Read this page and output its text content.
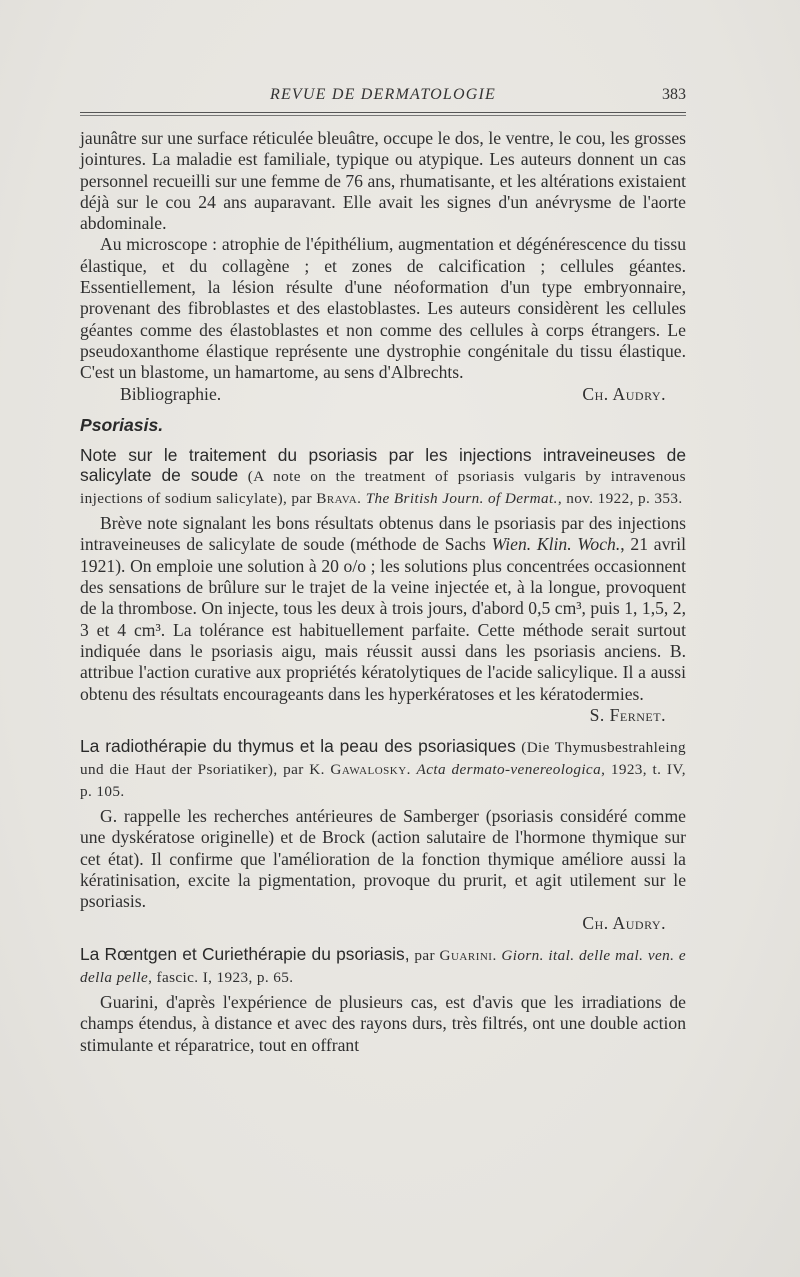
REVUE DE DERMATOLOGIE	383

jaunâtre sur une surface réticulée bleuâtre, occupe le dos, le ventre, le cou, les grosses jointures. La maladie est familiale, typique ou atypique. Les auteurs donnent un cas personnel recueilli sur une femme de 76 ans, rhumatisante, et les altérations existaient déjà sur le cou 24 ans auparavant. Elle avait les signes d'un anévrysme de l'aorte abdominale.

Au microscope : atrophie de l'épithélium, augmentation et dégénérescence du tissu élastique, et du collagène ; et zones de calcification ; cellules géantes. Essentiellement, la lésion résulte d'une néoformation d'un type embryonnaire, provenant des fibroblastes et des elastoblastes. Les auteurs considèrent les cellules géantes comme des élastoblastes et non comme des cellules à corps étrangers. Le pseudoxanthome élastique représente une dystrophie congénitale du tissu élastique. C'est un blastome, un hamartome, au sens d'Albrechts.

Bibliographie.	Ch. Audry.
Psoriasis.
Note sur le traitement du psoriasis par les injections intraveineuses de salicylate de soude (A note on the treatment of psoriasis vulgaris by intravenous injections of sodium salicylate), par Brava. The British Journ. of Dermat., nov. 1922, p. 353.

Brève note signalant les bons résultats obtenus dans le psoriasis par des injections intraveineuses de salicylate de soude (méthode de Sachs Wien. Klin. Woch., 21 avril 1921). On emploie une solution à 20 o/o ; les solutions plus concentrées occasionnent des sensations de brûlure sur le trajet de la veine injectée et, à la longue, provoquent de la thrombose. On injecte, tous les deux à trois jours, d'abord 0,5 cm³, puis 1, 1,5, 2, 3 et 4 cm³. La tolérance est habituellement parfaite. Cette méthode serait surtout indiquée dans le psoriasis aigu, mais réussit aussi dans les psoriasis anciens. B. attribue l'action curative aux propriétés kératolytiques de l'acide salicylique. Il a aussi obtenu des résultats encourageants dans les hyperkératoses et les kératodermies.

S. Fernet.
La radiothérapie du thymus et la peau des psoriasiques (Die Thymusbestrahleing und die Haut der Psoriatiker), par K. Gawalosky. Acta dermato-venereologica, 1923, t. IV, p. 105.

G. rappelle les recherches antérieures de Samberger (psoriasis considéré comme une dyskératose originelle) et de Brock (action salutaire de l'hormone thymique sur cet état). Il confirme que l'amélioration de la fonction thymique améliore aussi la kératinisation, excite la pigmentation, provoque du prurit, et agit utilement sur le psoriasis.

Ch. Audry.
La Rœntgen et Curiethérapie du psoriasis, par Guarini. Giorn. ital. delle mal. ven. e della pelle, fascic. I, 1923, p. 65.

Guarini, d'après l'expérience de plusieurs cas, est d'avis que les irradiations de champs étendus, à distance et avec des rayons durs, très filtrés, ont une double action stimulante et réparatrice, tout en offrant
